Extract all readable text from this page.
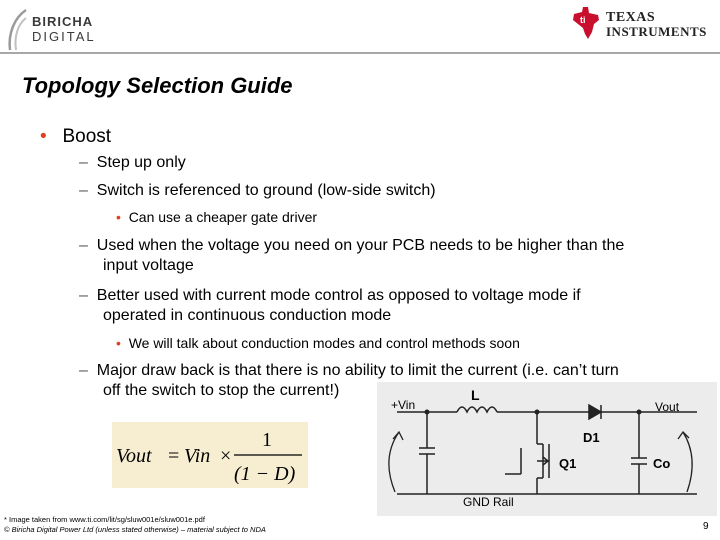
BIRICHA
DIGITAL
ti TEXAS
INSTRUMENTS
Topology Selection Guide
• Boost
– Step up only
– Switch is referenced to ground (low-side switch)
• Can use a cheaper gate driver
– Used when the voltage you need on your PCB needs to be higher than the
input voltage
– Better used with current mode control as opposed to voltage mode if
operated in continuous conduction mode
• We will talk about conduction modes and control methods soon
– Major draw back is that there is no ability to limit the current (i.e. can’t turn
off the switch to stop the current!)
Vout = Vin ×
1
(1 − D)
+Vin	Vout
L
D1
Q1	Co
GND Rail
* Image taken from www.ti.com/lit/sg/sluw001e/sluw001e.pdf
© Biricha Digital Power Ltd (unless stated otherwise) – material subject to NDA	9
